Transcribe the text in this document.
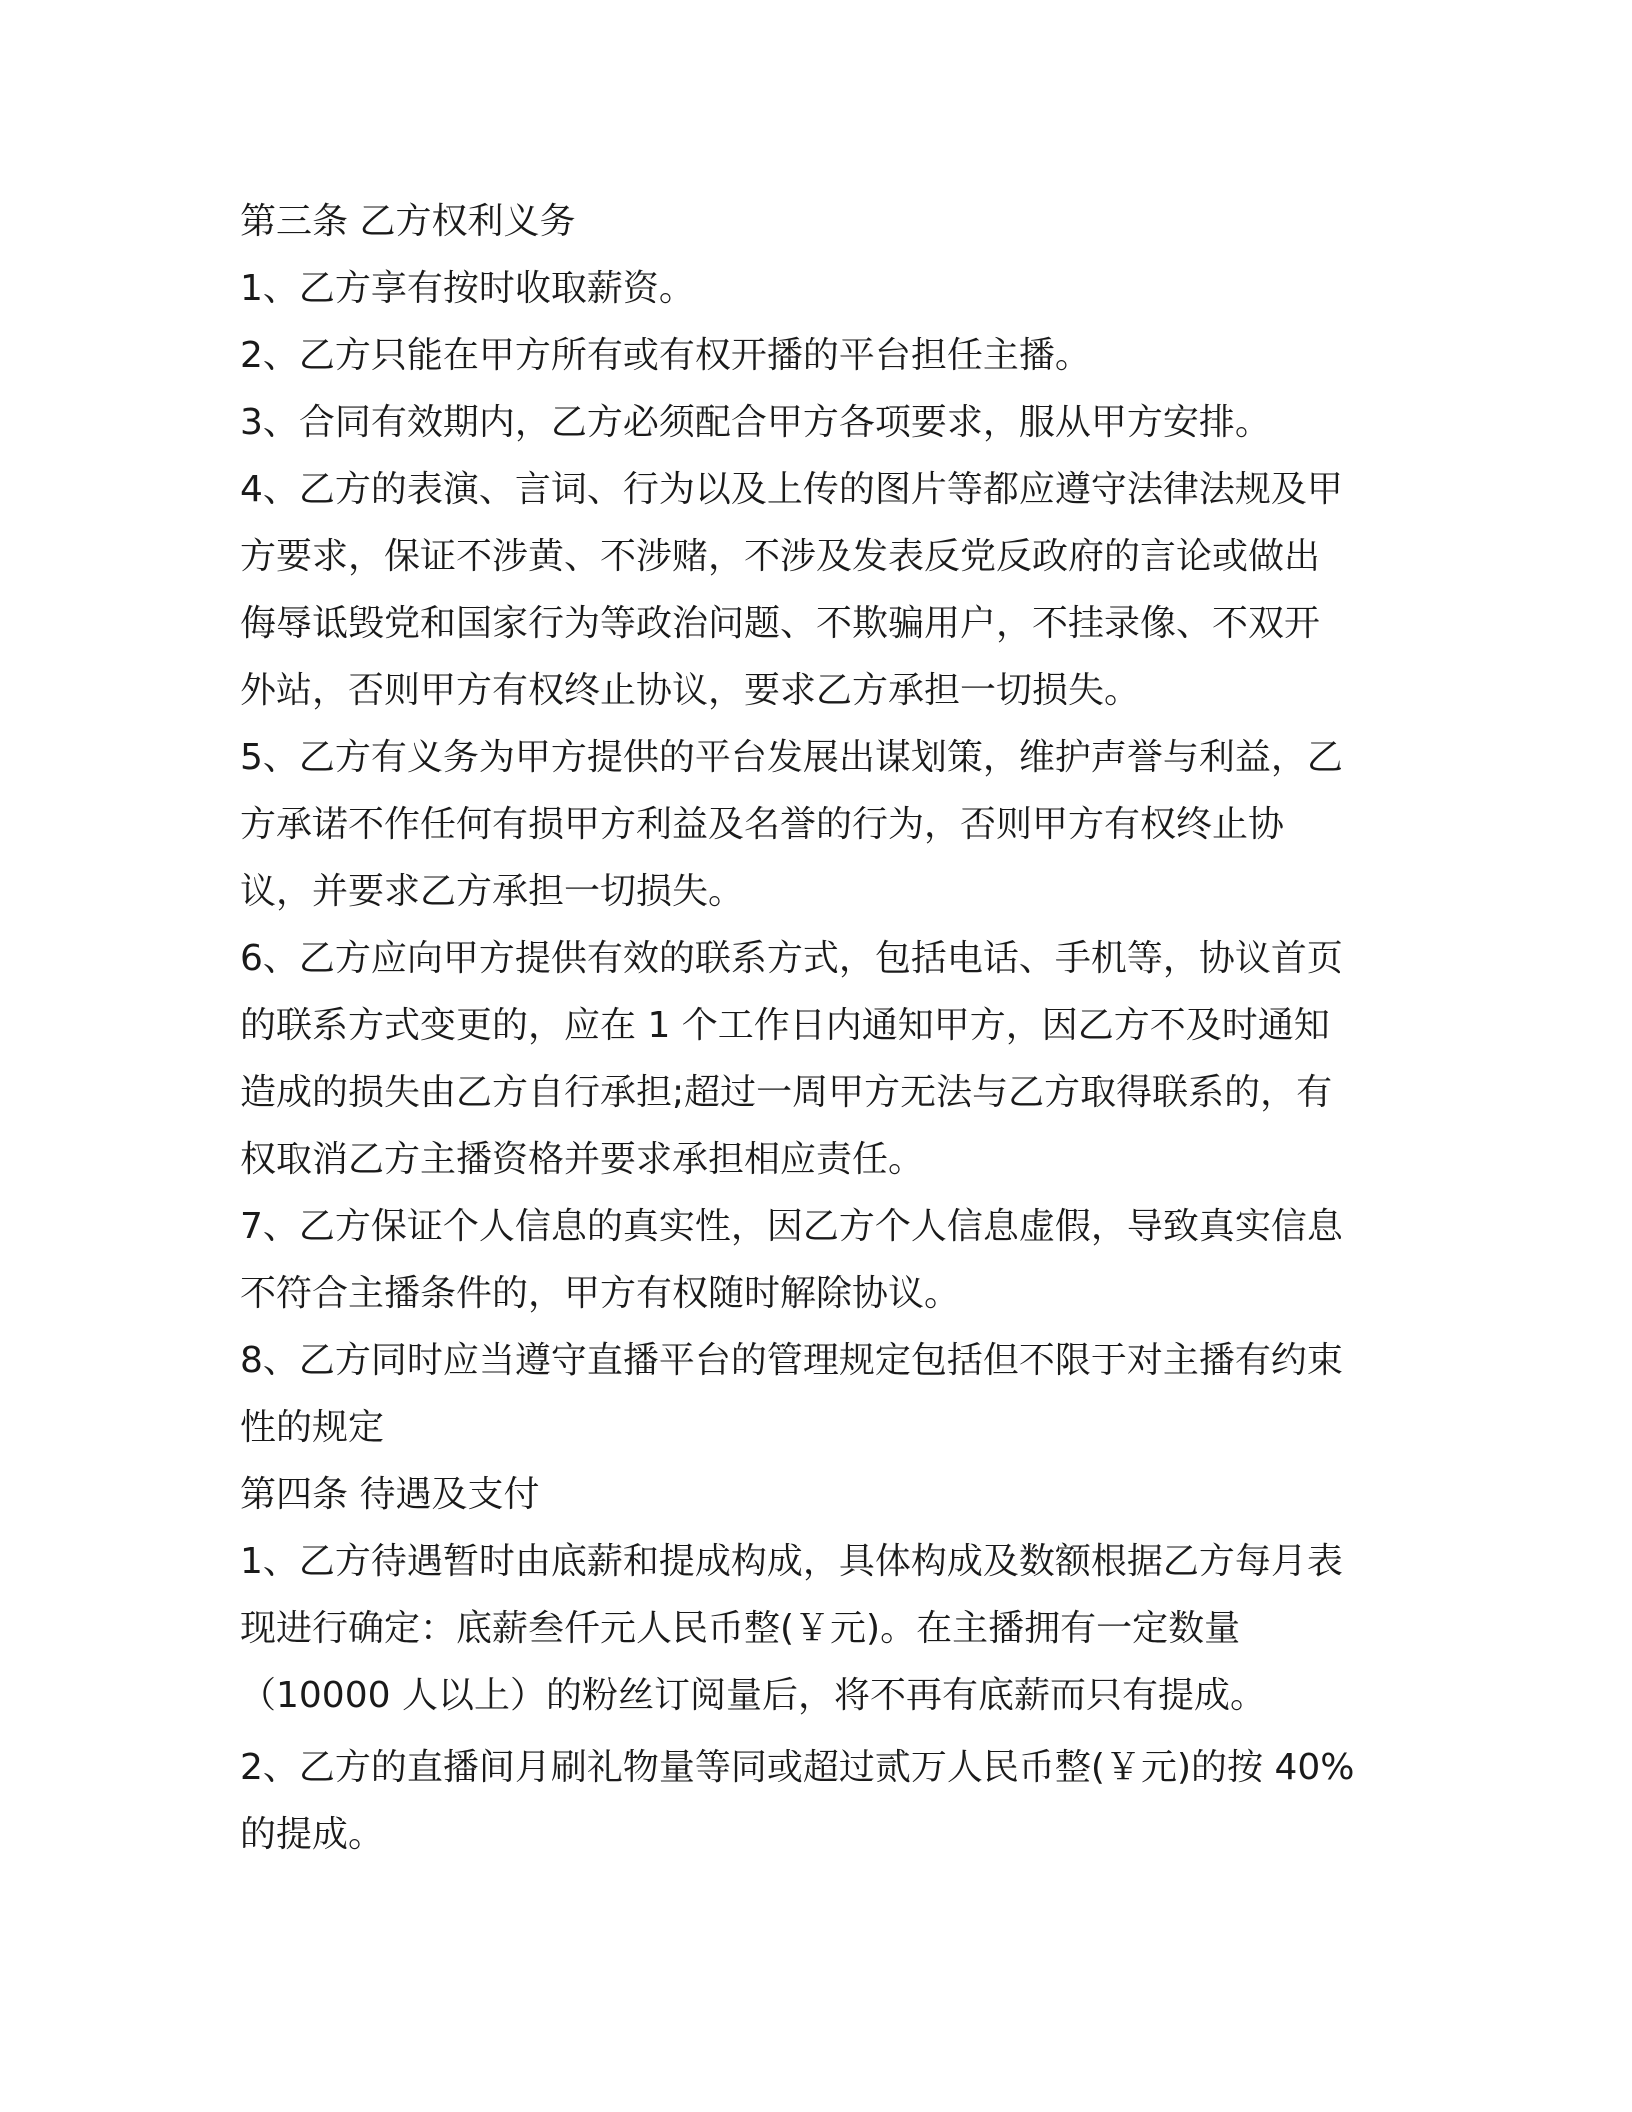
第三条 乙方权利义务
1、乙方享有按时收取薪资。
2、乙方只能在甲方所有或有权开播的平台担任主播。
3、合同有效期内，乙方必须配合甲方各项要求，服从甲方安排。
4、乙方的表演、言词、行为以及上传的图片等都应遵守法律法规及甲
方要求，保证不涉黄、不涉赌，不涉及发表反党反政府的言论或做出
侮辱诋毁党和国家行为等政治问题、不欺骗用户，不挂录像、不双开
外站，否则甲方有权终止协议，要求乙方承担一切损失。
5、乙方有义务为甲方提供的平台发展出谋划策，维护声誉与利益，乙
方承诺不作任何有损甲方利益及名誉的行为，否则甲方有权终止协
议，并要求乙方承担一切损失。
6、乙方应向甲方提供有效的联系方式，包括电话、手机等，协议首页
的联系方式变更的，应在 1 个工作日内通知甲方，因乙方不及时通知
造成的损失由乙方自行承担;超过一周甲方无法与乙方取得联系的，有
权取消乙方主播资格并要求承担相应责任。
7、乙方保证个人信息的真实性，因乙方个人信息虚假，导致真实信息
不符合主播条件的，甲方有权随时解除协议。
8、乙方同时应当遵守直播平台的管理规定包括但不限于对主播有约束
性的规定
第四条 待遇及支付
1、乙方待遇暂时由底薪和提成构成，具体构成及数额根据乙方每月表
现进行确定：底薪叁仟元人民币整(￥元)。在主播拥有一定数量
（10000 人以上）的粉丝订阅量后，将不再有底薪而只有提成。
2、乙方的直播间月刷礼物量等同或超过贰万人民币整(￥元)的按 40%
的提成。
